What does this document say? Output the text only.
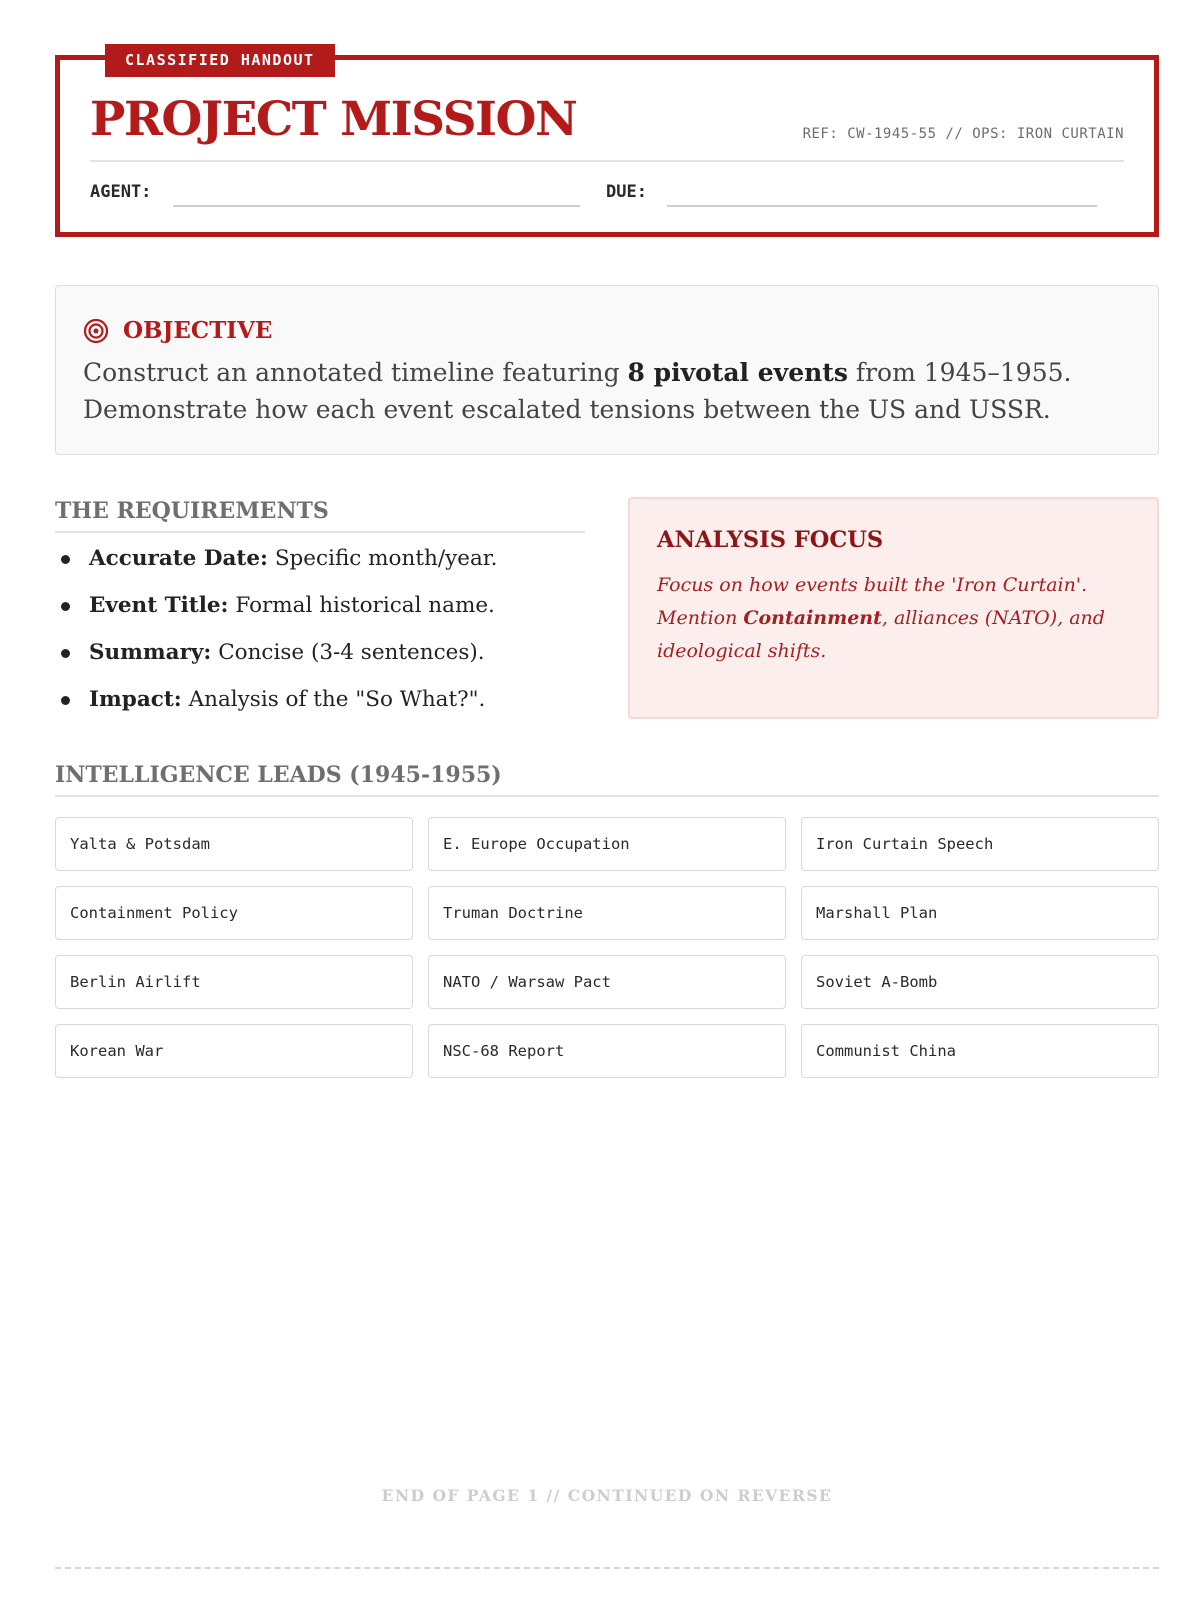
CLASSIFIED HANDOUT
PROJECT MISSION	REF: CW-1945-55 // OPS: IRON CURTAIN
AGENT:	DUE:
OBJECTIVE
Construct an annotated timeline featuring 8 pivotal events from 1945–1955. Demonstrate how each event escalated tensions between the US and USSR.
THE REQUIREMENTS
Accurate Date: Specific month/year.
Event Title: Formal historical name.
Summary: Concise (3-4 sentences).
Impact: Analysis of the "So What?".
ANALYSIS FOCUS
Focus on how events built the 'Iron Curtain'. Mention Containment, alliances (NATO), and ideological shifts.
INTELLIGENCE LEADS (1945-1955)
Yalta & Potsdam	E. Europe Occupation	Iron Curtain Speech
Containment Policy	Truman Doctrine	Marshall Plan
Berlin Airlift	NATO / Warsaw Pact	Soviet A-Bomb
Korean War	NSC-68 Report	Communist China
END OF PAGE 1 // CONTINUED ON REVERSE
